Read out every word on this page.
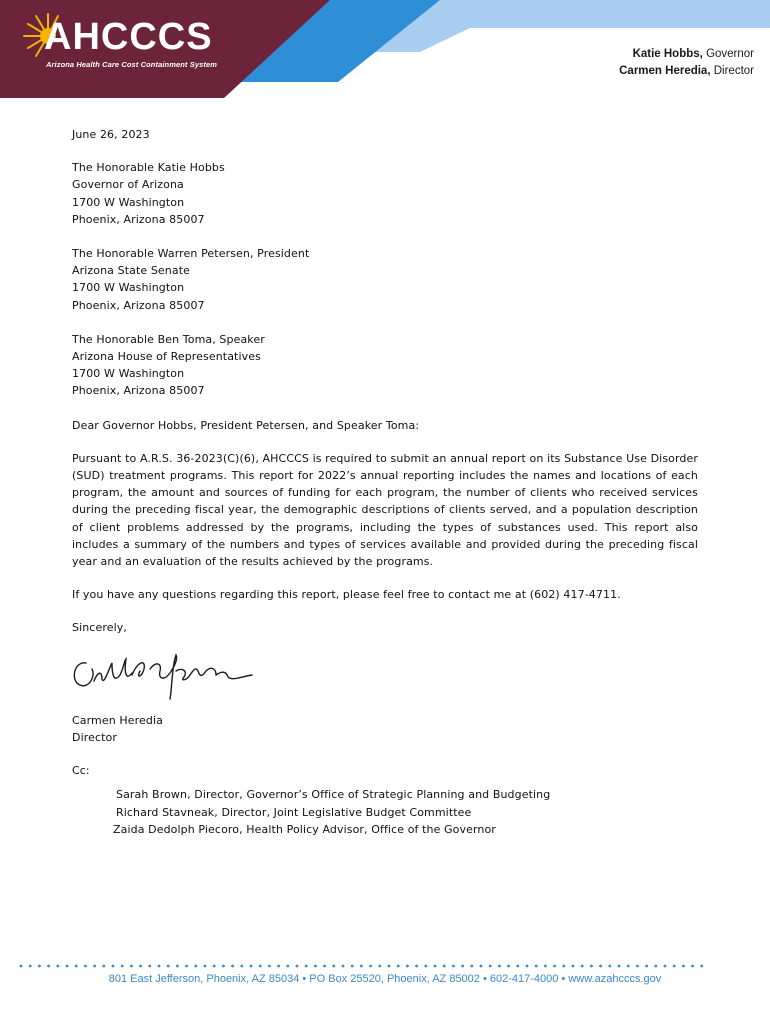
AHCCCS
Arizona Health Care Cost Containment System
Katie Hobbs, Governor
Carmen Heredia, Director

June 26, 2023

The Honorable Katie Hobbs
Governor of Arizona
1700 W Washington
Phoenix, Arizona 85007
The Honorable Warren Petersen, President
Arizona State Senate
1700 W Washington
Phoenix, Arizona 85007
The Honorable Ben Toma, Speaker
Arizona House of Representatives
1700 W Washington
Phoenix, Arizona 85007

Dear Governor Hobbs, President Petersen, and Speaker Toma:

Pursuant to A.R.S. 36-2023(C)(6), AHCCCS is required to submit an annual report on its Substance Use Disorder (SUD) treatment programs. This report for 2022’s annual reporting includes the names and locations of each program, the amount and sources of funding for each program, the number of clients who received services during the preceding fiscal year, the demographic descriptions of clients served, and a population description of client problems addressed by the programs, including the types of substances used. This report also includes a summary of the numbers and types of services available and provided during the preceding fiscal year and an evaluation of the results achieved by the programs.

If you have any questions regarding this report, please feel free to contact me at (602) 417-4711.

Sincerely,

Carmen Heredia
Director
Cc:
Sarah Brown, Director, Governor’s Office of Strategic Planning and Budgeting
Richard Stavneak, Director, Joint Legislative Budget Committee
Zaida Dedolph Piecoro, Health Policy Advisor, Office of the Governor
801 East Jefferson, Phoenix, AZ 85034 • PO Box 25520, Phoenix, AZ 85002 • 602-417-4000 • www.azahcccs.gov
